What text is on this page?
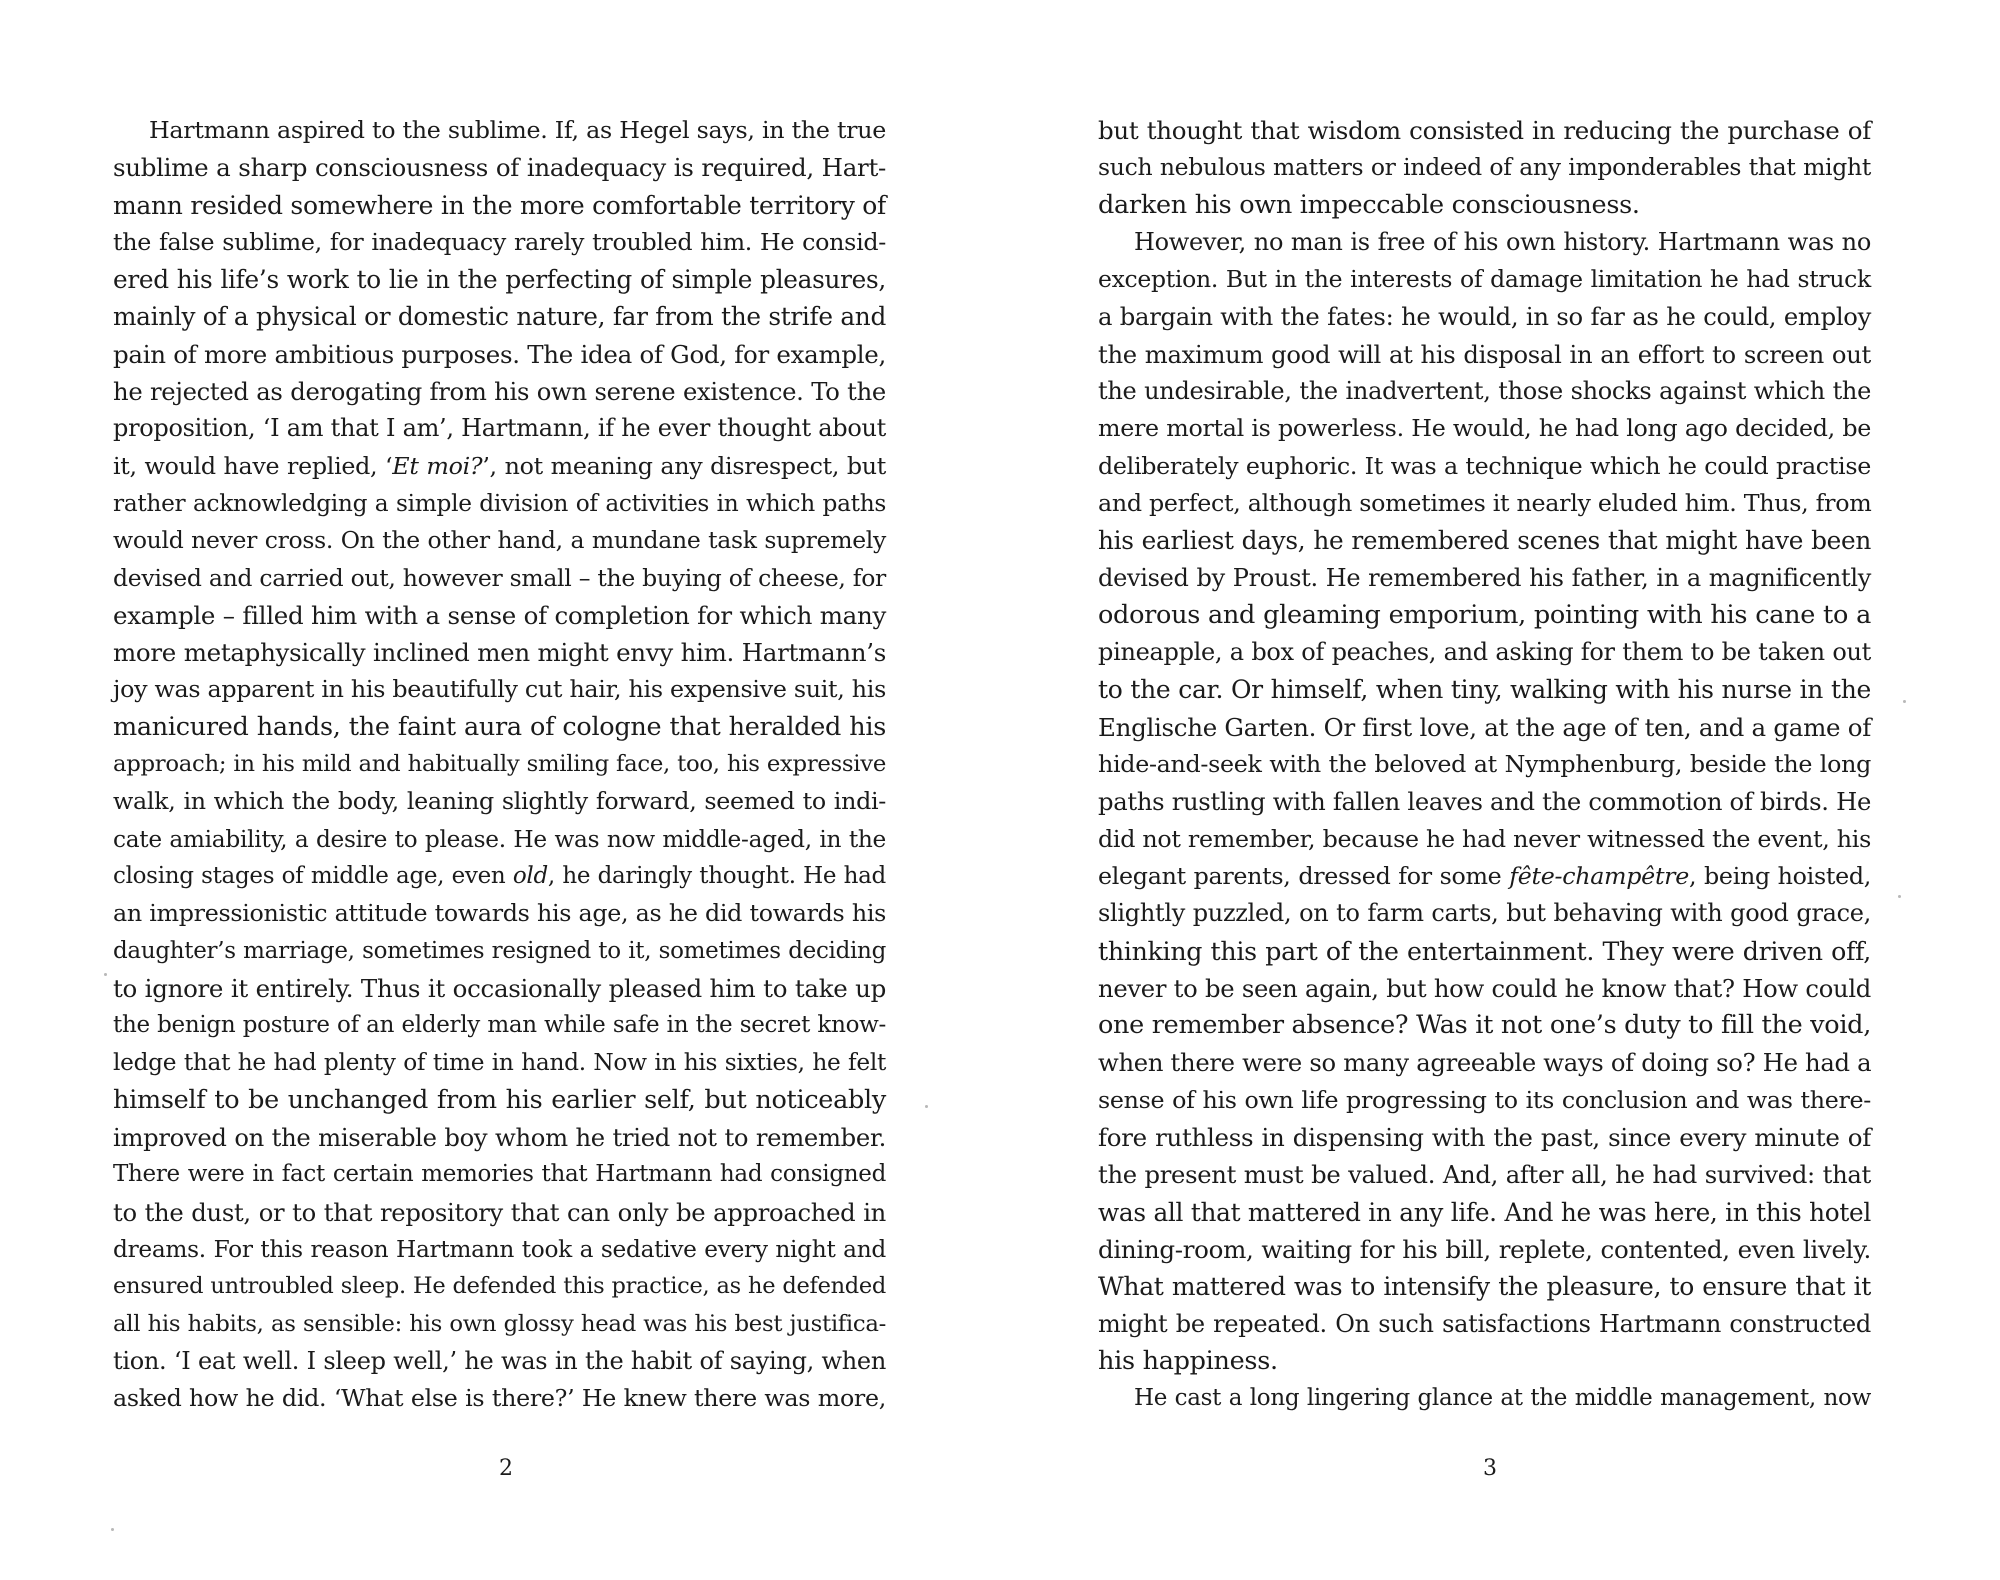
Hartmann aspired to the sublime. If, as Hegel says, in the true
sublime a sharp consciousness of inadequacy is required, Hart-
mann resided somewhere in the more comfortable territory of
the false sublime, for inadequacy rarely troubled him. He consid-
ered his life’s work to lie in the perfecting of simple pleasures,
mainly of a physical or domestic nature, far from the strife and
pain of more ambitious purposes. The idea of God, for example,
he rejected as derogating from his own serene existence. To the
proposition, ‘I am that I am’, Hartmann, if he ever thought about
it, would have replied, ‘Et moi?’, not meaning any disrespect, but
rather acknowledging a simple division of activities in which paths
would never cross. On the other hand, a mundane task supremely
devised and carried out, however small – the buying of cheese, for
example – filled him with a sense of completion for which many
more metaphysically inclined men might envy him. Hartmann’s
joy was apparent in his beautifully cut hair, his expensive suit, his
manicured hands, the faint aura of cologne that heralded his
approach; in his mild and habitually smiling face, too, his expressive
walk, in which the body, leaning slightly forward, seemed to indi-
cate amiability, a desire to please. He was now middle-aged, in the
closing stages of middle age, even old, he daringly thought. He had
an impressionistic attitude towards his age, as he did towards his
daughter’s marriage, sometimes resigned to it, sometimes deciding
to ignore it entirely. Thus it occasionally pleased him to take up
the benign posture of an elderly man while safe in the secret know-
ledge that he had plenty of time in hand. Now in his sixties, he felt
himself to be unchanged from his earlier self, but noticeably
improved on the miserable boy whom he tried not to remember.
There were in fact certain memories that Hartmann had consigned
to the dust, or to that repository that can only be approached in
dreams. For this reason Hartmann took a sedative every night and
ensured untroubled sleep. He defended this practice, as he defended
all his habits, as sensible: his own glossy head was his best justifica-
tion. ‘I eat well. I sleep well,’ he was in the habit of saying, when
asked how he did. ‘What else is there?’ He knew there was more,
2
but thought that wisdom consisted in reducing the purchase of
such nebulous matters or indeed of any imponderables that might
darken his own impeccable consciousness.
However, no man is free of his own history. Hartmann was no
exception. But in the interests of damage limitation he had struck
a bargain with the fates: he would, in so far as he could, employ
the maximum good will at his disposal in an effort to screen out
the undesirable, the inadvertent, those shocks against which the
mere mortal is powerless. He would, he had long ago decided, be
deliberately euphoric. It was a technique which he could practise
and perfect, although sometimes it nearly eluded him. Thus, from
his earliest days, he remembered scenes that might have been
devised by Proust. He remembered his father, in a magnificently
odorous and gleaming emporium, pointing with his cane to a
pineapple, a box of peaches, and asking for them to be taken out
to the car. Or himself, when tiny, walking with his nurse in the
Englische Garten. Or first love, at the age of ten, and a game of
hide-and-seek with the beloved at Nymphenburg, beside the long
paths rustling with fallen leaves and the commotion of birds. He
did not remember, because he had never witnessed the event, his
elegant parents, dressed for some fête-champêtre, being hoisted,
slightly puzzled, on to farm carts, but behaving with good grace,
thinking this part of the entertainment. They were driven off,
never to be seen again, but how could he know that? How could
one remember absence? Was it not one’s duty to fill the void,
when there were so many agreeable ways of doing so? He had a
sense of his own life progressing to its conclusion and was there-
fore ruthless in dispensing with the past, since every minute of
the present must be valued. And, after all, he had survived: that
was all that mattered in any life. And he was here, in this hotel
dining-room, waiting for his bill, replete, contented, even lively.
What mattered was to intensify the pleasure, to ensure that it
might be repeated. On such satisfactions Hartmann constructed
his happiness.
He cast a long lingering glance at the middle management, now
3
